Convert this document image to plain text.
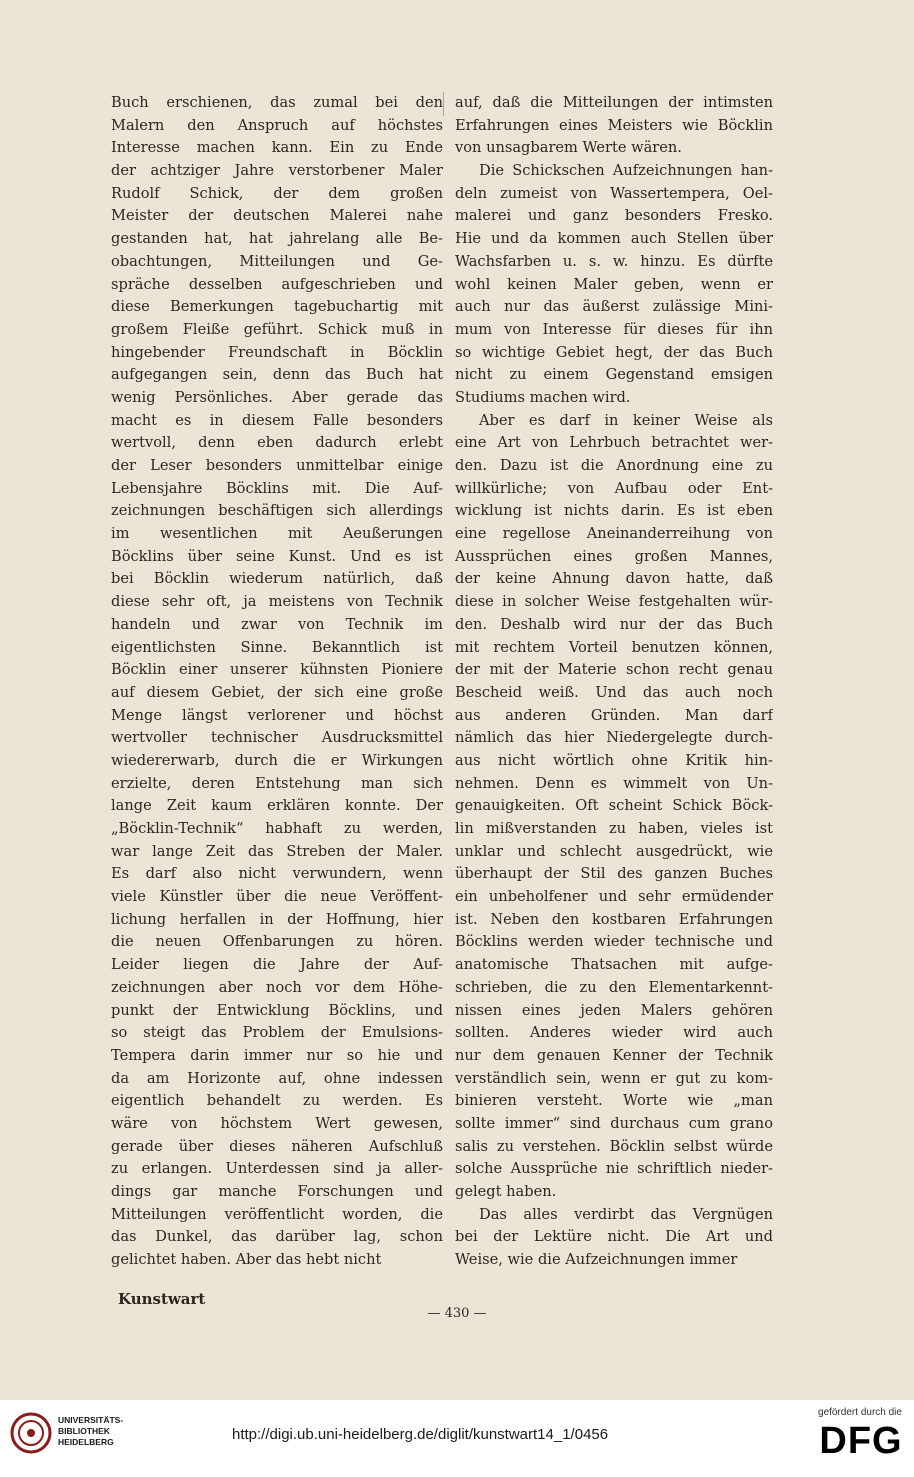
Buch erschienen, das zumal bei den
Malern den Anspruch auf höchstes
Interesse machen kann. Ein zu Ende
der achtziger Jahre verstorbener Maler
Rudolf Schick, der dem großen
Meister der deutschen Malerei nahe
gestanden hat, hat jahrelang alle Be-
obachtungen, Mitteilungen und Ge-
spräche desselben aufgeschrieben und
diese Bemerkungen tagebuchartig mit
großem Fleiße geführt. Schick muß in
hingebender Freundschaft in Böcklin
aufgegangen sein, denn das Buch hat
wenig Persönliches. Aber gerade das
macht es in diesem Falle besonders
wertvoll, denn eben dadurch erlebt
der Leser besonders unmittelbar einige
Lebensjahre Böcklins mit. Die Auf-
zeichnungen beschäftigen sich allerdings
im wesentlichen mit Aeußerungen
Böcklins über seine Kunst. Und es ist
bei Böcklin wiederum natürlich, daß
diese sehr oft, ja meistens von Technik
handeln und zwar von Technik im
eigentlichsten Sinne. Bekanntlich ist
Böcklin einer unserer kühnsten Pioniere
auf diesem Gebiet, der sich eine große
Menge längst verlorener und höchst
wertvoller technischer Ausdrucksmittel
wiedererwarb, durch die er Wirkungen
erzielte, deren Entstehung man sich
lange Zeit kaum erklären konnte. Der
„Böcklin-Technik“ habhaft zu werden,
war lange Zeit das Streben der Maler.
Es darf also nicht verwundern, wenn
viele Künstler über die neue Veröffent-
lichung herfallen in der Hoffnung, hier
die neuen Offenbarungen zu hören.
Leider liegen die Jahre der Auf-
zeichnungen aber noch vor dem Höhe-
punkt der Entwicklung Böcklins, und
so steigt das Problem der Emulsions-
Tempera darin immer nur so hie und
da am Horizonte auf, ohne indessen
eigentlich behandelt zu werden. Es
wäre von höchstem Wert gewesen,
gerade über dieses näheren Aufschluß
zu erlangen. Unterdessen sind ja aller-
dings gar manche Forschungen und
Mitteilungen veröffentlicht worden, die
das Dunkel, das darüber lag, schon
gelichtet haben. Aber das hebt nicht
auf, daß die Mitteilungen der intimsten
Erfahrungen eines Meisters wie Böcklin
von unsagbarem Werte wären.
Die Schickschen Aufzeichnungen han-
deln zumeist von Wassertempera, Oel-
malerei und ganz besonders Fresko.
Hie und da kommen auch Stellen über
Wachsfarben u. s. w. hinzu. Es dürfte
wohl keinen Maler geben, wenn er
auch nur das äußerst zulässige Mini-
mum von Interesse für dieses für ihn
so wichtige Gebiet hegt, der das Buch
nicht zu einem Gegenstand emsigen
Studiums machen wird.
Aber es darf in keiner Weise als
eine Art von Lehrbuch betrachtet wer-
den. Dazu ist die Anordnung eine zu
willkürliche; von Aufbau oder Ent-
wicklung ist nichts darin. Es ist eben
eine regellose Aneinanderreihung von
Aussprüchen eines großen Mannes,
der keine Ahnung davon hatte, daß
diese in solcher Weise festgehalten wür-
den. Deshalb wird nur der das Buch
mit rechtem Vorteil benutzen können,
der mit der Materie schon recht genau
Bescheid weiß. Und das auch noch
aus anderen Gründen. Man darf
nämlich das hier Niedergelegte durch-
aus nicht wörtlich ohne Kritik hin-
nehmen. Denn es wimmelt von Un-
genauigkeiten. Oft scheint Schick Böck-
lin mißverstanden zu haben, vieles ist
unklar und schlecht ausgedrückt, wie
überhaupt der Stil des ganzen Buches
ein unbeholfener und sehr ermüdender
ist. Neben den kostbaren Erfahrungen
Böcklins werden wieder technische und
anatomische Thatsachen mit aufge-
schrieben, die zu den Elementarkennt-
nissen eines jeden Malers gehören
sollten. Anderes wieder wird auch
nur dem genauen Kenner der Technik
verständlich sein, wenn er gut zu kom-
binieren versteht. Worte wie „man
sollte immer“ sind durchaus cum grano
salis zu verstehen. Böcklin selbst würde
solche Aussprüche nie schriftlich nieder-
gelegt haben.
Das alles verdirbt das Vergnügen
bei der Lektüre nicht. Die Art und
Weise, wie die Aufzeichnungen immer
Kunstwart
— 430 —
UNIVERSITÄTS-BIBLIOTHEK HEIDELBERG	http://digi.ub.uni-heidelberg.de/diglit/kunstwart14_1/0456
gefördert durch die
DFG
